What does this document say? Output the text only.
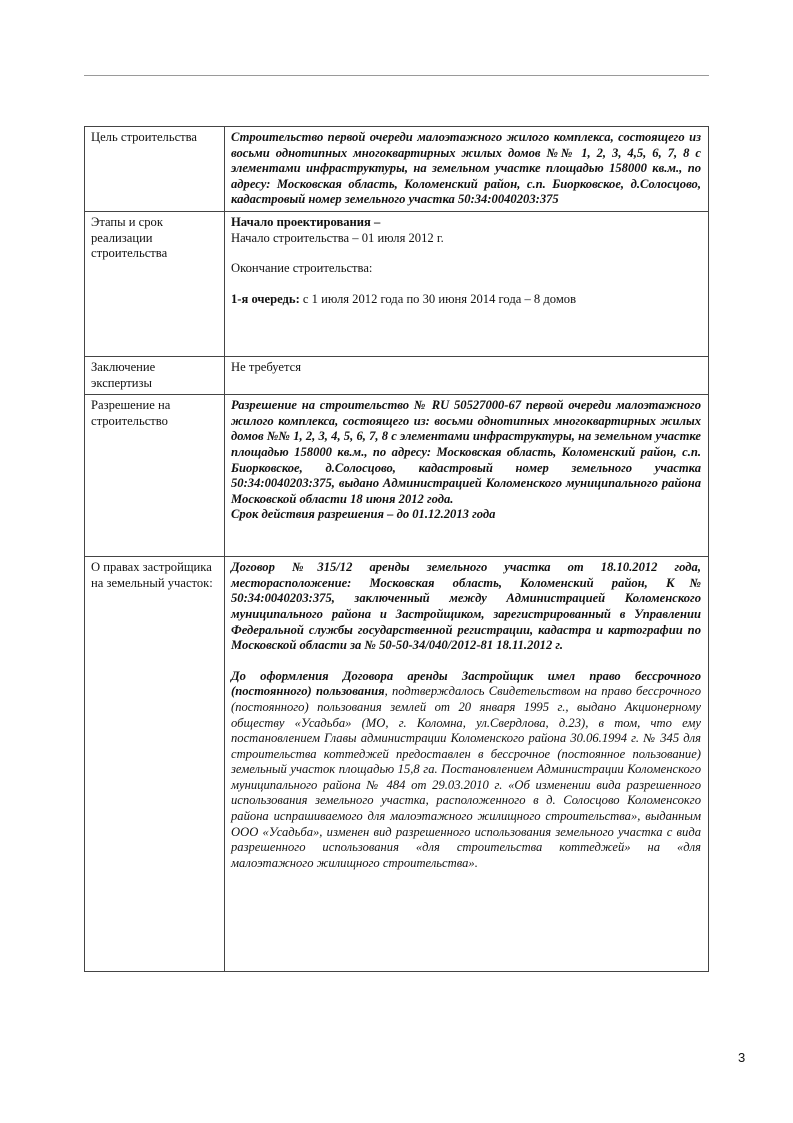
Цель строительства	Строительство первой очереди малоэтажного жилого комплекса, состоящего из восьми однотипных многоквартирных жилых домов №№ 1, 2, 3, 4,5, 6, 7, 8 с элементами инфраструктуры, на земельном участке площадью 158000 кв.м., по адресу: Московская область, Коломенский район, с.п. Биорковское, д.Солосцово, кадастровый номер земельного участка 50:34:0040203:375
Этапы и срок реализации строительства	Начало проектирования –

Начало строительства – 01 июля 2012 г.

Окончание строительства:

1-я очередь: с 1 июля 2012 года по 30 июня 2014 года – 8 домов

Заключение экспертизы	Не требуется
Разрешение на строительство	Разрешение на строительство № RU 50527000-67 первой очереди малоэтажного жилого комплекса, состоящего из: восьми однотипных многоквартирных жилых домов №№ 1, 2, 3, 4, 5, 6, 7, 8 с элементами инфраструктуры, на земельном участке площадью 158000 кв.м., по адресу: Московская область, Коломенский район, с.п. Биорковское, д.Солосцово, кадастровый номер земельного участка 50:34:0040203:375, выдано Администрацией Коломенского муниципального района Московской области 18 июня 2012 года.

Срок действия разрешения – до 01.12.2013 года

О правах застройщика на земельный участок:	Договор №315/12 аренды земельного участка от 18.10.2012 года, месторасположение: Московская область, Коломенский район, К№ 50:34:0040203:375, заключенный между Администрацией Коломенского муниципального района и Застройщиком, зарегистрированный в Управлении Федеральной службы государственной регистрации, кадастра и картографии по Московской области за № 50-50-34/040/2012-81 18.11.2012 г.

До оформления Договора аренды Застройщик имел право бессрочного (постоянного) пользования, подтверждалось Свидетельством на право бессрочного (постоянного) пользования землей от 20 января 1995 г., выдано Акционерному обществу «Усадьба» (МО, г. Коломна, ул.Свердлова, д.23), в том, что ему постановлением Главы администрации Коломенского района 30.06.1994 г. № 345 для строительства коттеджей предоставлен в бессрочное (постоянное пользование) земельный участок площадью 15,8 га. Постановлением Администрации Коломенского муниципального района № 484 от 29.03.2010 г. «Об изменении вида разрешенного использования земельного участка, расположенного в д. Солосцово Коломенсокго района испрашиваемого для малоэтажного жилищного строительства», выданным ООО «Усадьба», изменен вид разрешенного использования земельного участка с вида разрешенного использования «для строительства коттеджей» на «для малоэтажного жилищного строительства».

3
